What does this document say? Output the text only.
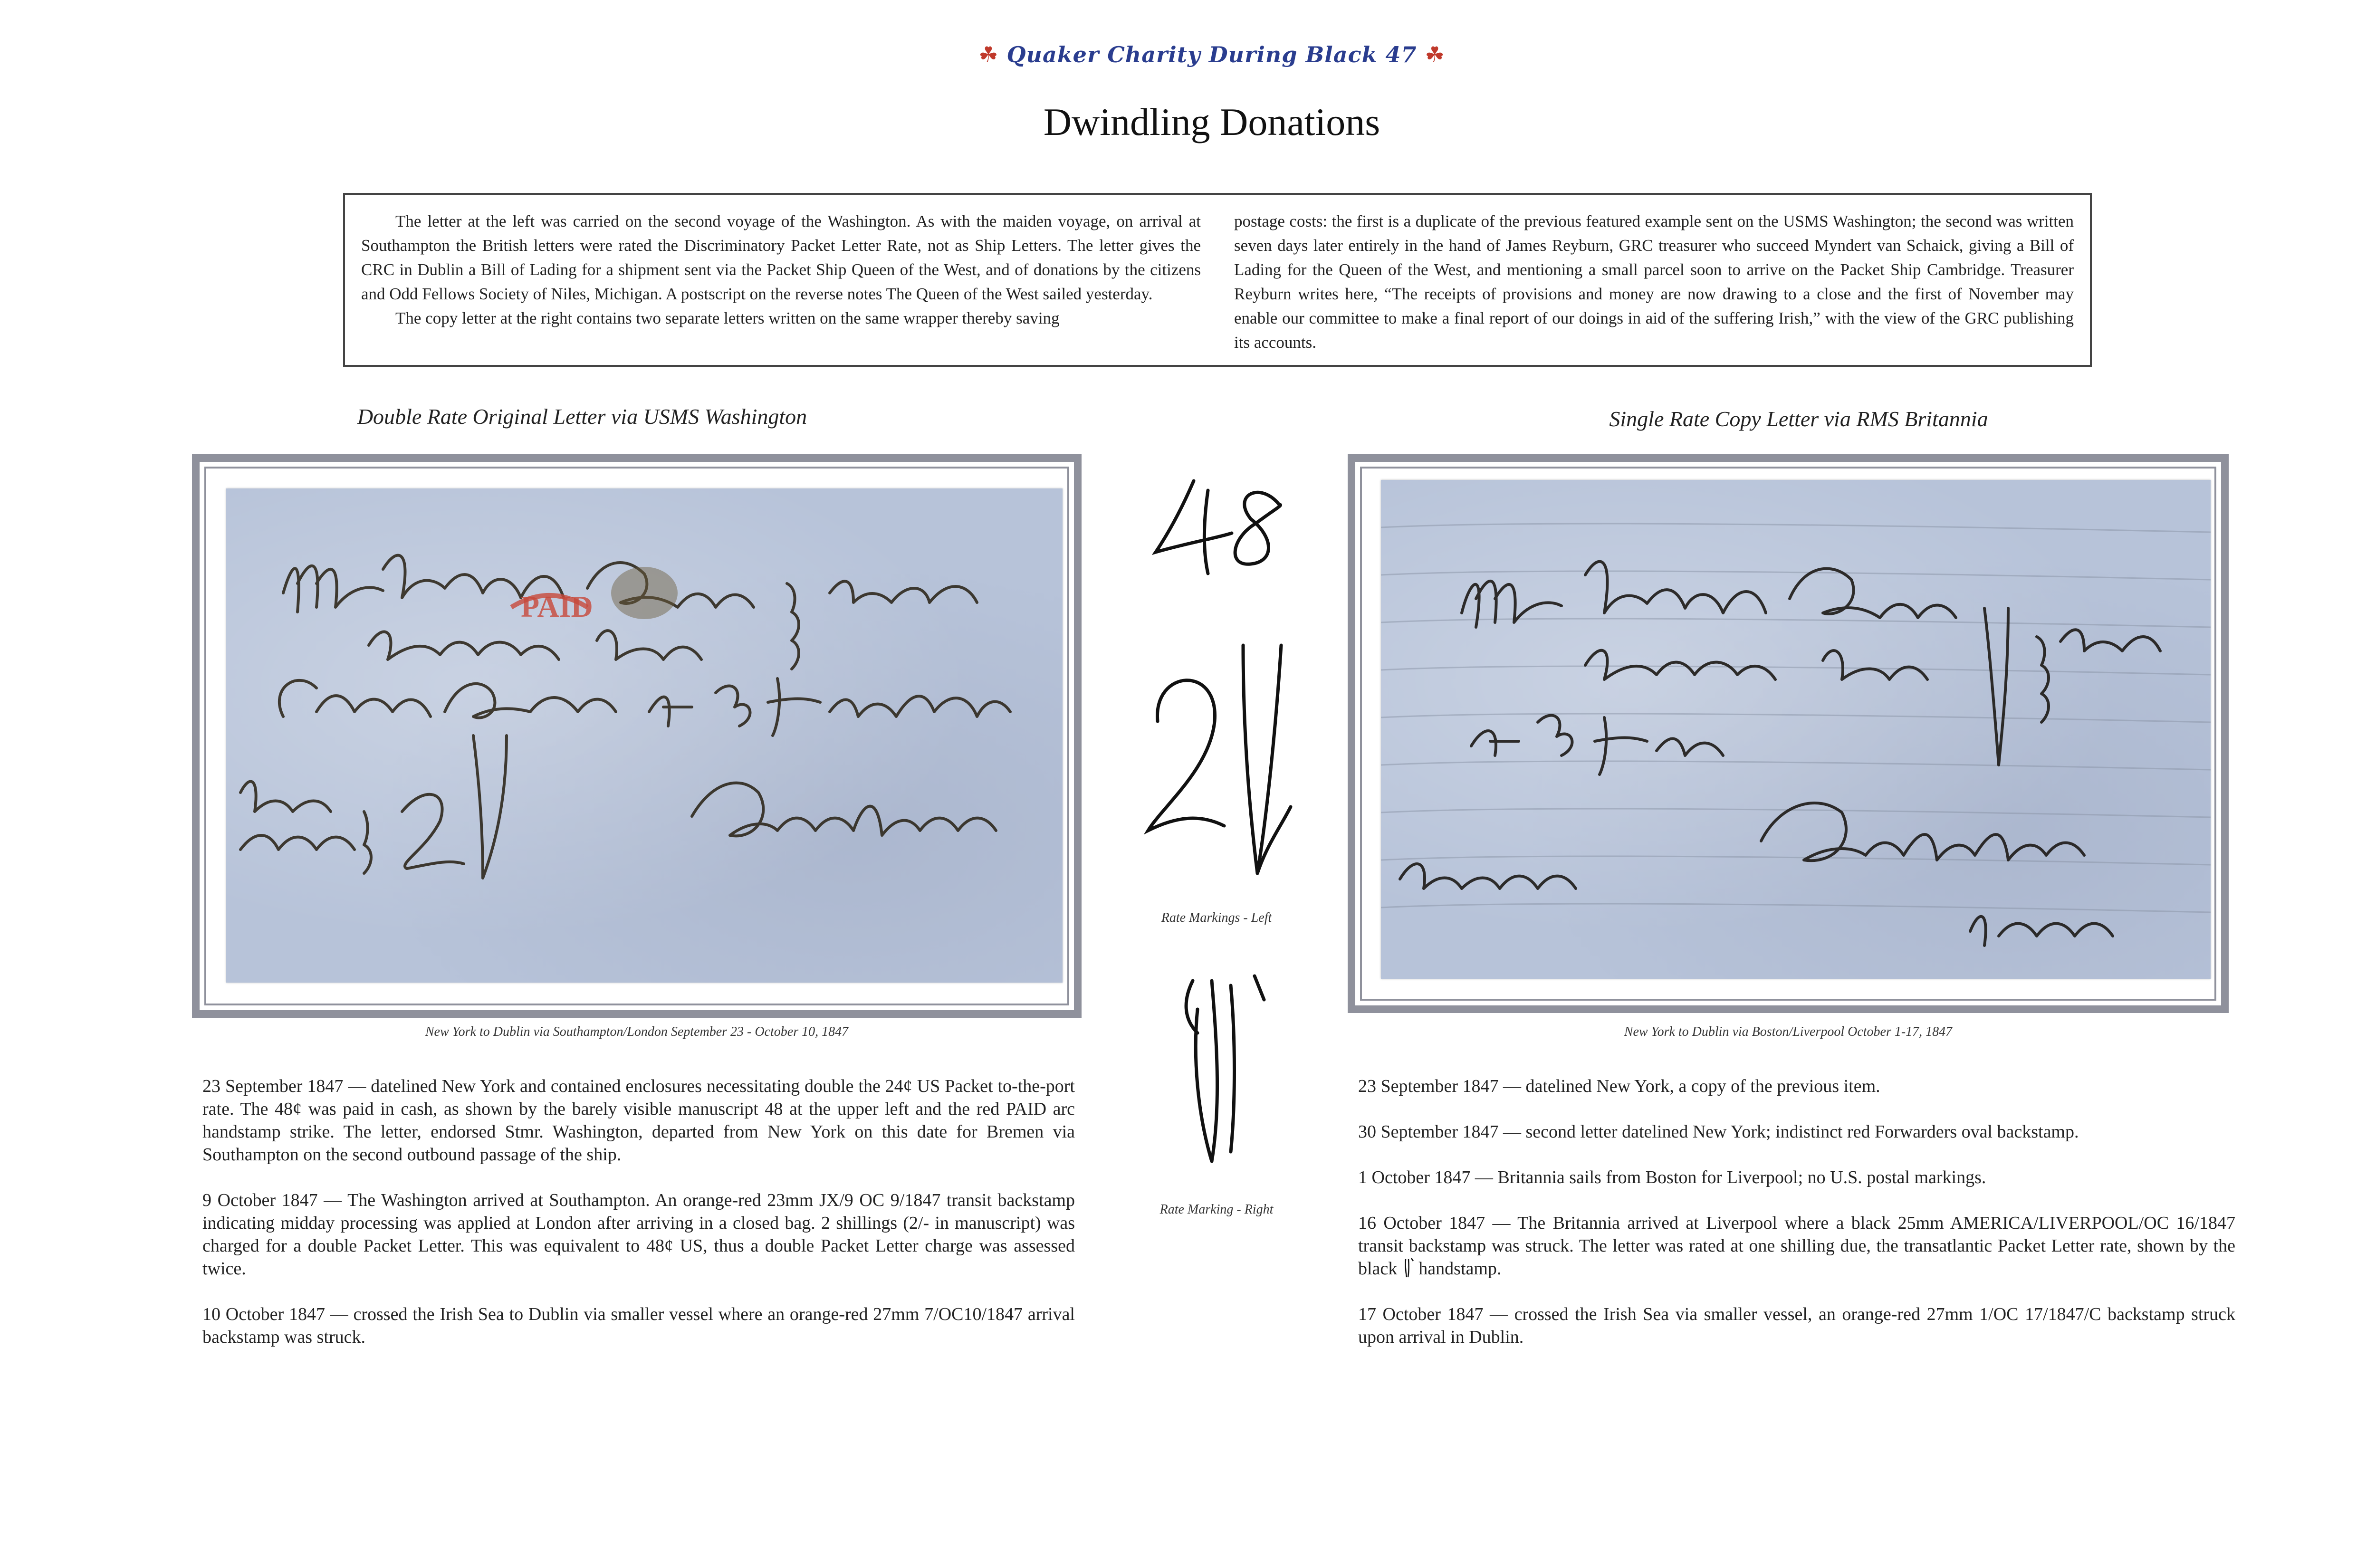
☘ Quaker Charity During Black 47 ☘
Dwindling Donations

The letter at the left was carried on the second voyage of the Washington. As with the maiden voyage, on arrival at Southampton the British letters were rated the Discriminatory Packet Letter Rate, not as Ship Letters. The letter gives the CRC in Dublin a Bill of Lading for a shipment sent via the Packet Ship Queen of the West, and of donations by the citizens and Odd Fellows Society of Niles, Michigan. A postscript on the reverse notes The Queen of the West sailed yesterday.

The copy letter at the right contains two separate letters written on the same wrapper thereby saving

postage costs: the first is a duplicate of the previous featured example sent on the USMS Washington; the second was written seven days later entirely in the hand of James Reyburn, GRC treasurer who succeed Myndert van Schaick, giving a Bill of Lading for the Queen of the West, and mentioning a small parcel soon to arrive on the Packet Ship Cambridge. Treasurer Reyburn writes here, “The receipts of provisions and money are now drawing to a close and the first of November may enable our committee to make a final report of our doings in aid of the suffering Irish,” with the view of the GRC publishing its accounts.

Double Rate Original Letter via USMS Washington	Single Rate Copy Letter via RMS Britannia
PAID
New York to Dublin via Southampton/London September 23 - October 10, 1847
Rate Markings - Left
Rate Marking - Right
New York to Dublin via Boston/Liverpool October 1-17, 1847

23 September 1847 — datelined New York and contained enclosures necessitating double the 24¢ US Packet to-the-port rate. The 48¢ was paid in cash, as shown by the barely visible manuscript 48 at the upper left and the red PAID arc handstamp strike. The letter, endorsed Stmr. Washington, departed from New York on this date for Bremen via Southampton on the second outbound passage of the ship.

9 October 1847 — The Washington arrived at Southampton. An orange-red 23mm JX/9 OC 9/1847 transit backstamp indicating midday processing was applied at London after arriving in a closed bag. 2 shillings (2/- in manuscript) was charged for a double Packet Letter. This was equivalent to 48¢ US, thus a double Packet Letter charge was assessed twice.

10 October 1847 — crossed the Irish Sea to Dublin via smaller vessel where an orange-red 27mm 7/OC10/1847 arrival backstamp was struck.

23 September 1847 — datelined New York, a copy of the previous item.

30 September 1847 — second letter datelined New York; indistinct red Forwarders oval backstamp.

1 October 1847 — Britannia sails from Boston for Liverpool; no U.S. postal markings.

16 October 1847 — The Britannia arrived at Liverpool where a black 25mm AMERICA/LIVERPOOL/OC 16/1847 transit backstamp was struck. The letter was rated at one shilling due, the transatlantic Packet Letter rate, shown by the black handstamp.

17 October 1847 — crossed the Irish Sea via smaller vessel, an orange-red 27mm 1/OC 17/1847/C backstamp struck upon arrival in Dublin.
